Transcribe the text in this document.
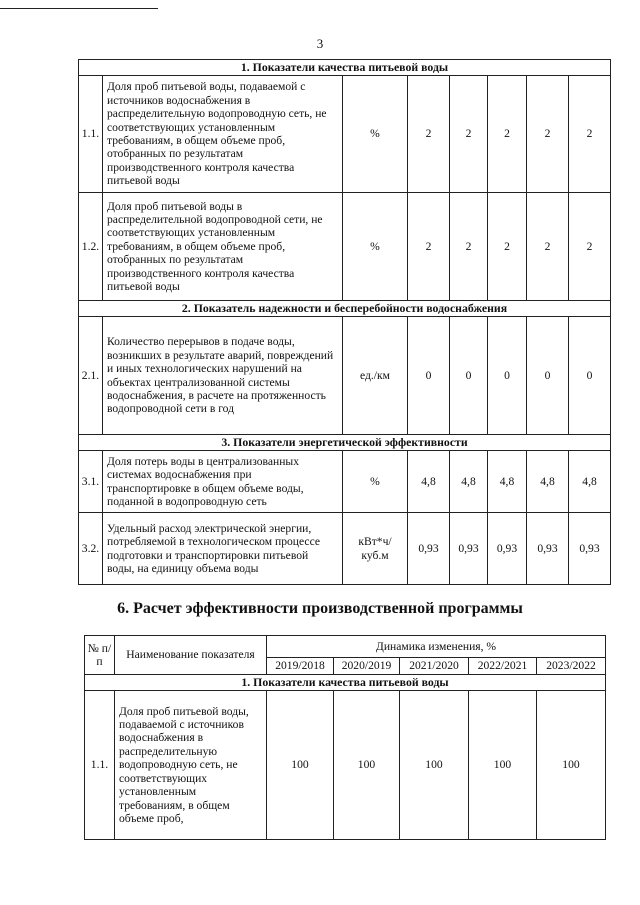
3
1. Показатели качества питьевой воды							
1.1.	Доля проб питьевой воды, подаваемой с источников водоснабжения в распределительную водопроводную сеть, не соответствующих установленным требованиям, в общем объеме проб, отобранных по результатам производственного контроля качества питьевой воды	%	2	2	2	2	2
1.2.	Доля проб питьевой воды в распределительной водопроводной сети, не соответствующих установленным требованиям, в общем объеме проб, отобранных по результатам производственного контроля качества питьевой воды	%	2	2	2	2	2
2. Показатель надежности и бесперебойности водоснабжения							
2.1.	Количество перерывов в подаче воды, возникших в результате аварий, повреждений и иных технологических нарушений на объектах централизованной системы водоснабжения, в расчете на протяженность водопроводной сети в год	ед./км	0	0	0	0	0
3. Показатели энергетической эффективности							
3.1.	Доля потерь воды в централизованных системах водоснабжения при транспортировке в общем объеме воды, поданной в водопроводную сеть	%	4,8	4,8	4,8	4,8	4,8
3.2.	Удельный расход электрической энергии, потребляемой в технологическом процессе подготовки и транспортировки питьевой воды, на единицу объема воды	кВт*ч/куб.м	0,93	0,93	0,93	0,93	0,93
6. Расчет эффективности производственной программы
№ п/п	Наименование показателя	Динамика изменения, %				
		2019/2018	2020/2019	2021/2020	2022/2021	2023/2022
1. Показатели качества питьевой воды						
1.1.	Доля проб питьевой воды, подаваемой с источников водоснабжения в распределительную водопроводную сеть, не соответствующих установленным требованиям, в общем объеме проб,	100	100	100	100	100
